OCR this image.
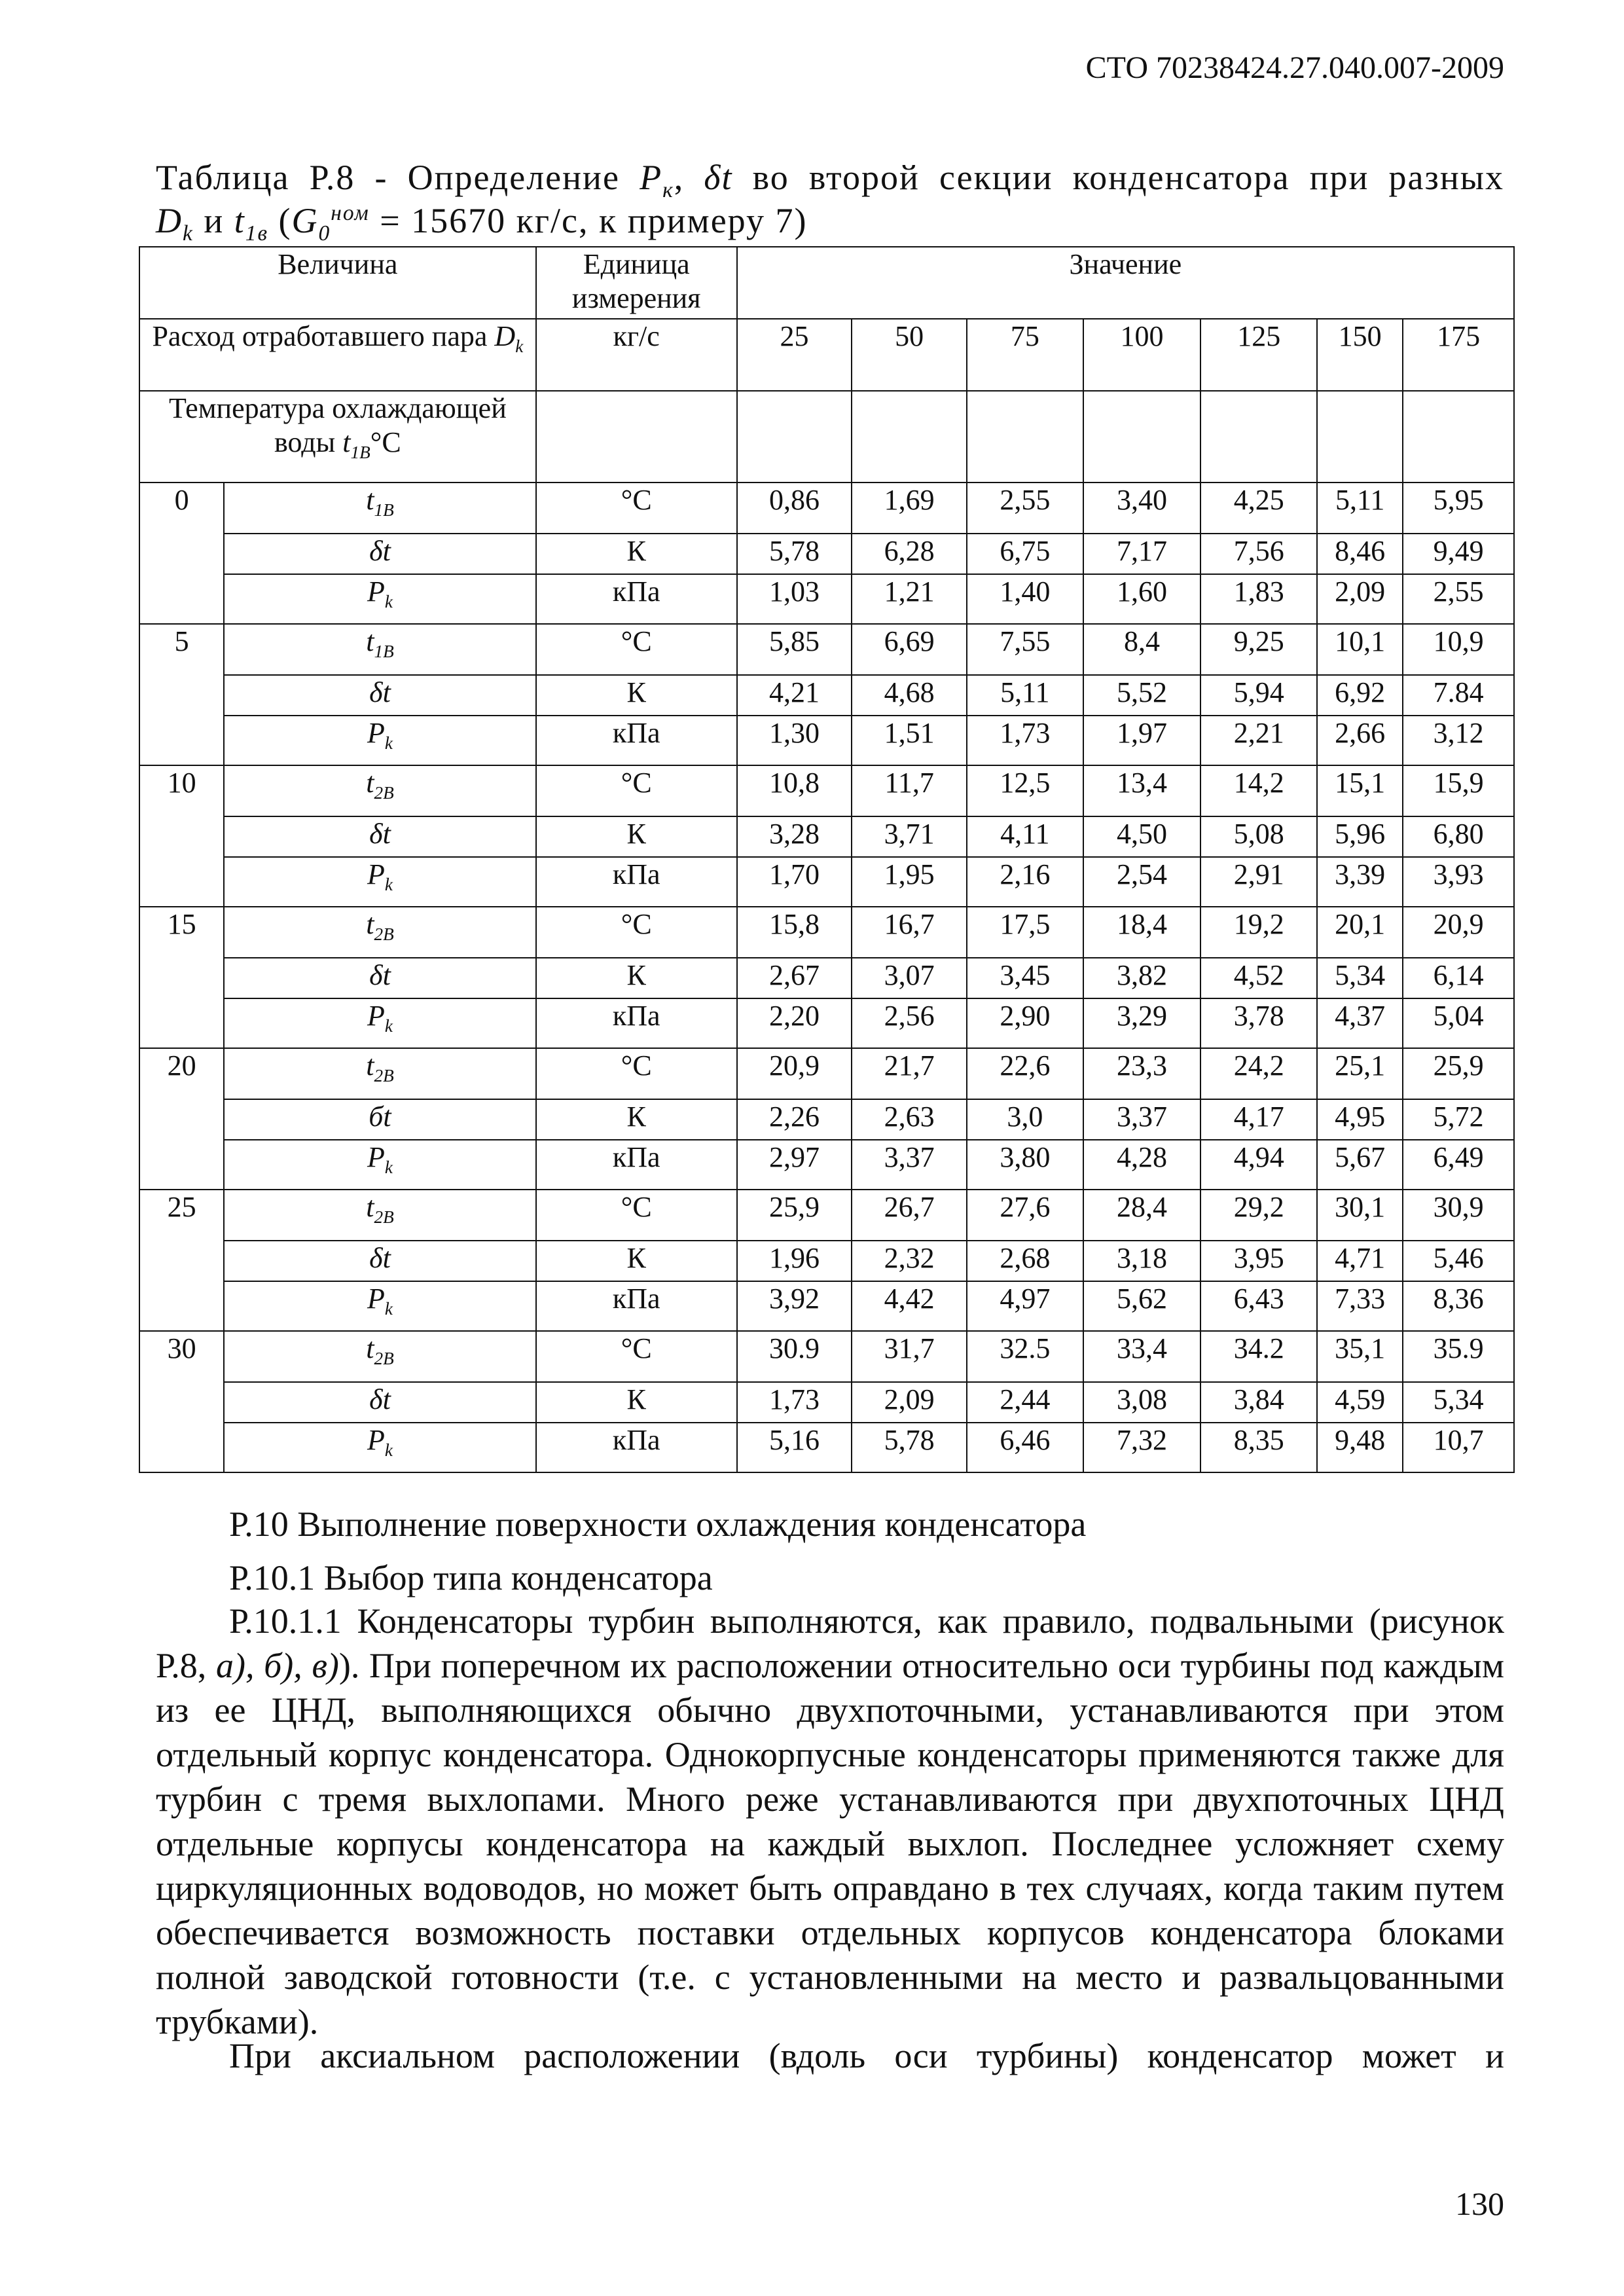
СТО 70238424.27.040.007-2009
Таблица Р.8 - Определение $Р_к$, δt во второй секции конденсатора при разных
$D_k$ и $t_{1в}$ ($G_0^{ном} = 15670$ кг/с, к примеру 7)
Величина		Единица измерения	Значение						
Расход отработавшего пара $D_k$		кг/с	25	50	75	100	125	150	175
Температура охлаждающей воды $t_{1В}^\circ С$									
0	$t_{1В}$	°С	0,86	1,69	2,55	3,40	4,25	5,11	5,95
	δt	К	5,78	6,28	6,75	7,17	7,56	8,46	9,49
	$P_k$	кПа	1,03	1,21	1,40	1,60	1,83	2,09	2,55
5	$t_{1В}$	°С	5,85	6,69	7,55	8,4	9,25	10,1	10,9
	δt	К	4,21	4,68	5,11	5,52	5,94	6,92	7.84
	$P_k$	кПа	1,30	1,51	1,73	1,97	2,21	2,66	3,12
10	$t_{2В}$	°С	10,8	11,7	12,5	13,4	14,2	15,1	15,9
	δt	К	3,28	3,71	4,11	4,50	5,08	5,96	6,80
	$P_k$	кПа	1,70	1,95	2,16	2,54	2,91	3,39	3,93
15	$t_{2В}$	°С	15,8	16,7	17,5	18,4	19,2	20,1	20,9
	δt	К	2,67	3,07	3,45	3,82	4,52	5,34	6,14
	$P_k$	кПа	2,20	2,56	2,90	3,29	3,78	4,37	5,04
20	$t_{2В}$	°С	20,9	21,7	22,6	23,3	24,2	25,1	25,9
	бt	К	2,26	2,63	3,0	3,37	4,17	4,95	5,72
	$P_k$	кПа	2,97	3,37	3,80	4,28	4,94	5,67	6,49
25	$t_{2В}$	°С	25,9	26,7	27,6	28,4	29,2	30,1	30,9
	δt	К	1,96	2,32	2,68	3,18	3,95	4,71	5,46
	$P_k$	кПа	3,92	4,42	4,97	5,62	6,43	7,33	8,36
30	$t_{2В}$	°С	30.9	31,7	32.5	33,4	34.2	35,1	35.9
	δt	К	1,73	2,09	2,44	3,08	3,84	4,59	5,34
	$P_k$	кПа	5,16	5,78	6,46	7,32	8,35	9,48	10,7
Р.10 Выполнение поверхности охлаждения конденсатора
Р.10.1 Выбор типа конденсатора
Р.10.1.1 Конденсаторы турбин выполняются, как правило, подвальными (рисунок Р.8, а), б), в)). При поперечном их расположении относительно оси турбины под каждым из ее ЦНД, выполняющихся обычно двухпоточными, устанавливаются при этом отдельный корпус конденсатора. Однокорпусные конденсаторы применяются также для турбин с тремя выхлопами. Много реже устанавливаются при двухпоточных ЦНД отдельные корпусы конденсатора на каждый выхлоп. Последнее усложняет схему циркуляционных водоводов, но может быть оправдано в тех случаях, когда таким путем обеспечивается возможность поставки отдельных корпусов конденсатора блоками полной заводской готовности (т.е. с установленными на место и развальцованными трубками).
При аксиальном расположении (вдоль оси турбины) конденсатор может и
130
